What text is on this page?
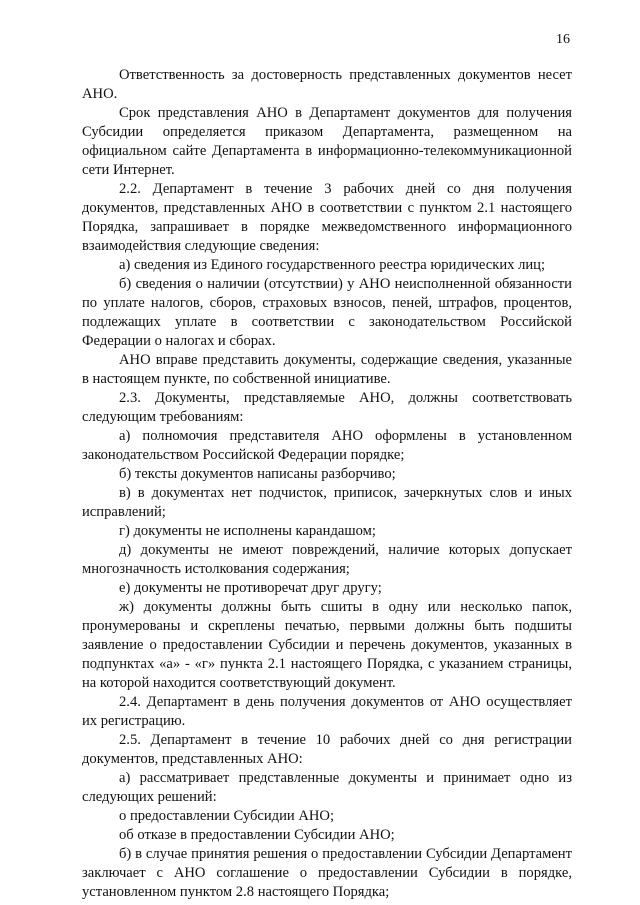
16

Ответственность за достоверность представленных документов несет АНО.

Срок представления АНО в Департамент документов для получения Субсидии определяется приказом Департамента, размещенном на официальном сайте Департамента в информационно-телекоммуникационной сети Интернет.

2.2. Департамент в течение 3 рабочих дней со дня получения документов, представленных АНО в соответствии с пунктом 2.1 настоящего Порядка, запрашивает в порядке межведомственного информационного взаимодействия следующие сведения:

а) сведения из Единого государственного реестра юридических лиц;

б) сведения о наличии (отсутствии) у АНО неисполненной обязанности по уплате налогов, сборов, страховых взносов, пеней, штрафов, процентов, подлежащих уплате в соответствии с законодательством Российской Федерации о налогах и сборах.

АНО вправе представить документы, содержащие сведения, указанные в настоящем пункте, по собственной инициативе.

2.3. Документы, представляемые АНО, должны соответствовать следующим требованиям:

а) полномочия представителя АНО оформлены в установленном законодательством Российской Федерации порядке;

б) тексты документов написаны разборчиво;

в) в документах нет подчисток, приписок, зачеркнутых слов и иных исправлений;

г) документы не исполнены карандашом;

д) документы не имеют повреждений, наличие которых допускает многозначность истолкования содержания;

е) документы не противоречат друг другу;

ж) документы должны быть сшиты в одну или несколько папок, пронумерованы и скреплены печатью, первыми должны быть подшиты заявление о предоставлении Субсидии и перечень документов, указанных в подпунктах «а» - «г» пункта 2.1 настоящего Порядка, с указанием страницы, на которой находится соответствующий документ.

2.4. Департамент в день получения документов от АНО осуществляет их регистрацию.

2.5. Департамент в течение 10 рабочих дней со дня регистрации документов, представленных АНО:

а) рассматривает представленные документы и принимает одно из следующих решений:

о предоставлении Субсидии АНО;

об отказе в предоставлении Субсидии АНО;

б) в случае принятия решения о предоставлении Субсидии Департамент заключает с АНО соглашение о предоставлении Субсидии в порядке, установленном пунктом 2.8 настоящего Порядка;
